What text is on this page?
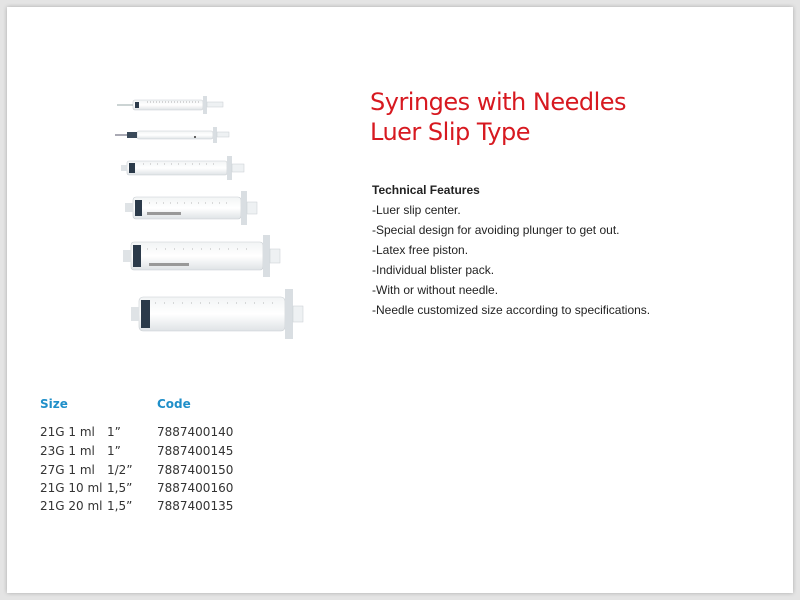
Syringes with Needles
Luer Slip Type
Technical Features
-Luer slip center.
-Special design for avoiding plunger to get out.
-Latex free piston.
-Individual blister pack.
-With or without needle.
-Needle customized size according to specifications.
Size	Code
21G 1 ml 1”	7887400140
23G 1 ml 1”	7887400145
27G 1 ml 1/2” 7887400150
21G 10 ml 1,5” 7887400160
21G 20 ml 1,5” 7887400135
